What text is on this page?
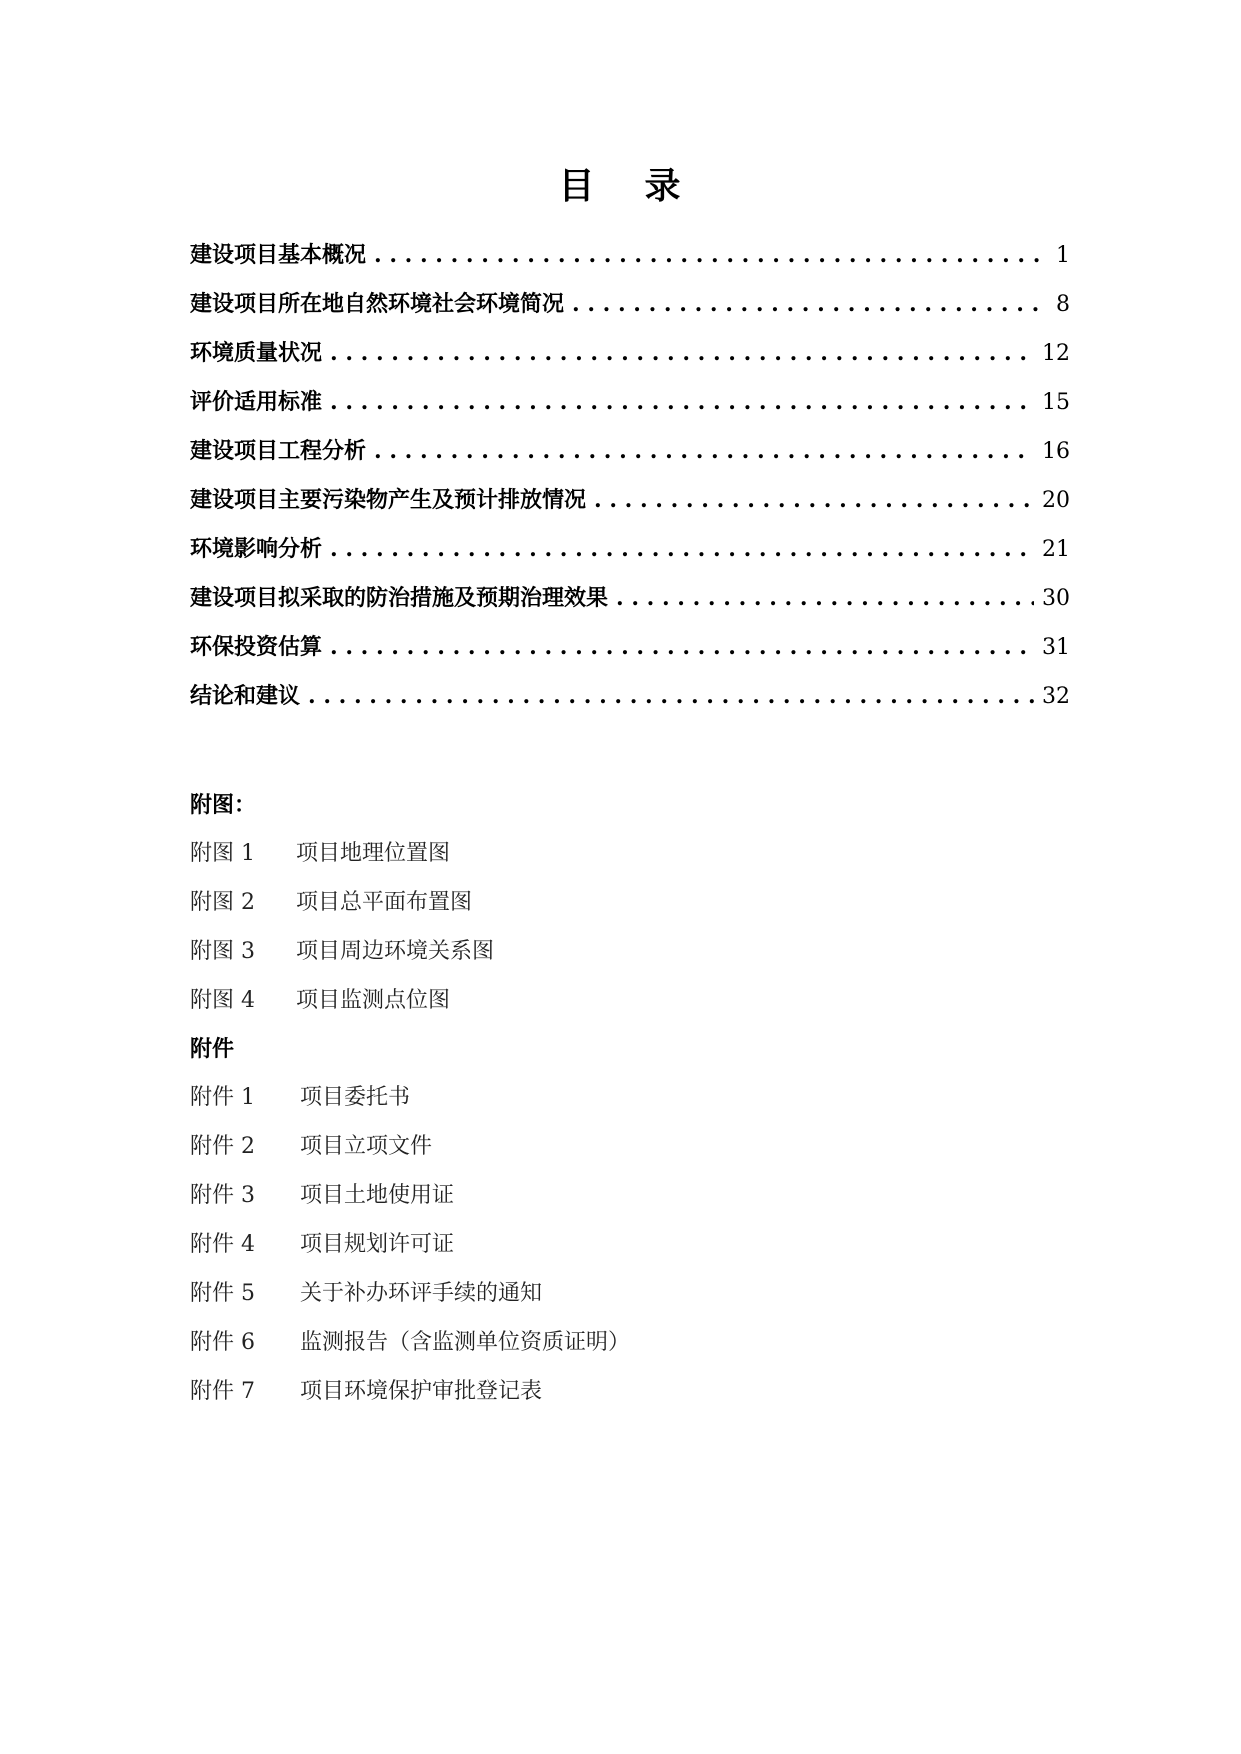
目 录
建设项目基本概况 . . .	1
建设项目所在地自然环境社会环境简况 . . .	8
环境质量状况 . . .	12
评价适用标准 . . .	15
建设项目工程分析 . . .	16
建设项目主要污染物产生及预计排放情况 . . .	20
环境影响分析 . . .	21
建设项目拟采取的防治措施及预期治理效果 . . .	30
环保投资估算 . . .	31
结论和建议 . . .	32
附图：
附图 1	项目地理位置图
附图 2	项目总平面布置图
附图 3	项目周边环境关系图
附图 4	项目监测点位图
附件
附件 1	项目委托书
附件 2	项目立项文件
附件 3	项目土地使用证
附件 4	项目规划许可证
附件 5	关于补办环评手续的通知
附件 6	监测报告（含监测单位资质证明）
附件 7	项目环境保护审批登记表
